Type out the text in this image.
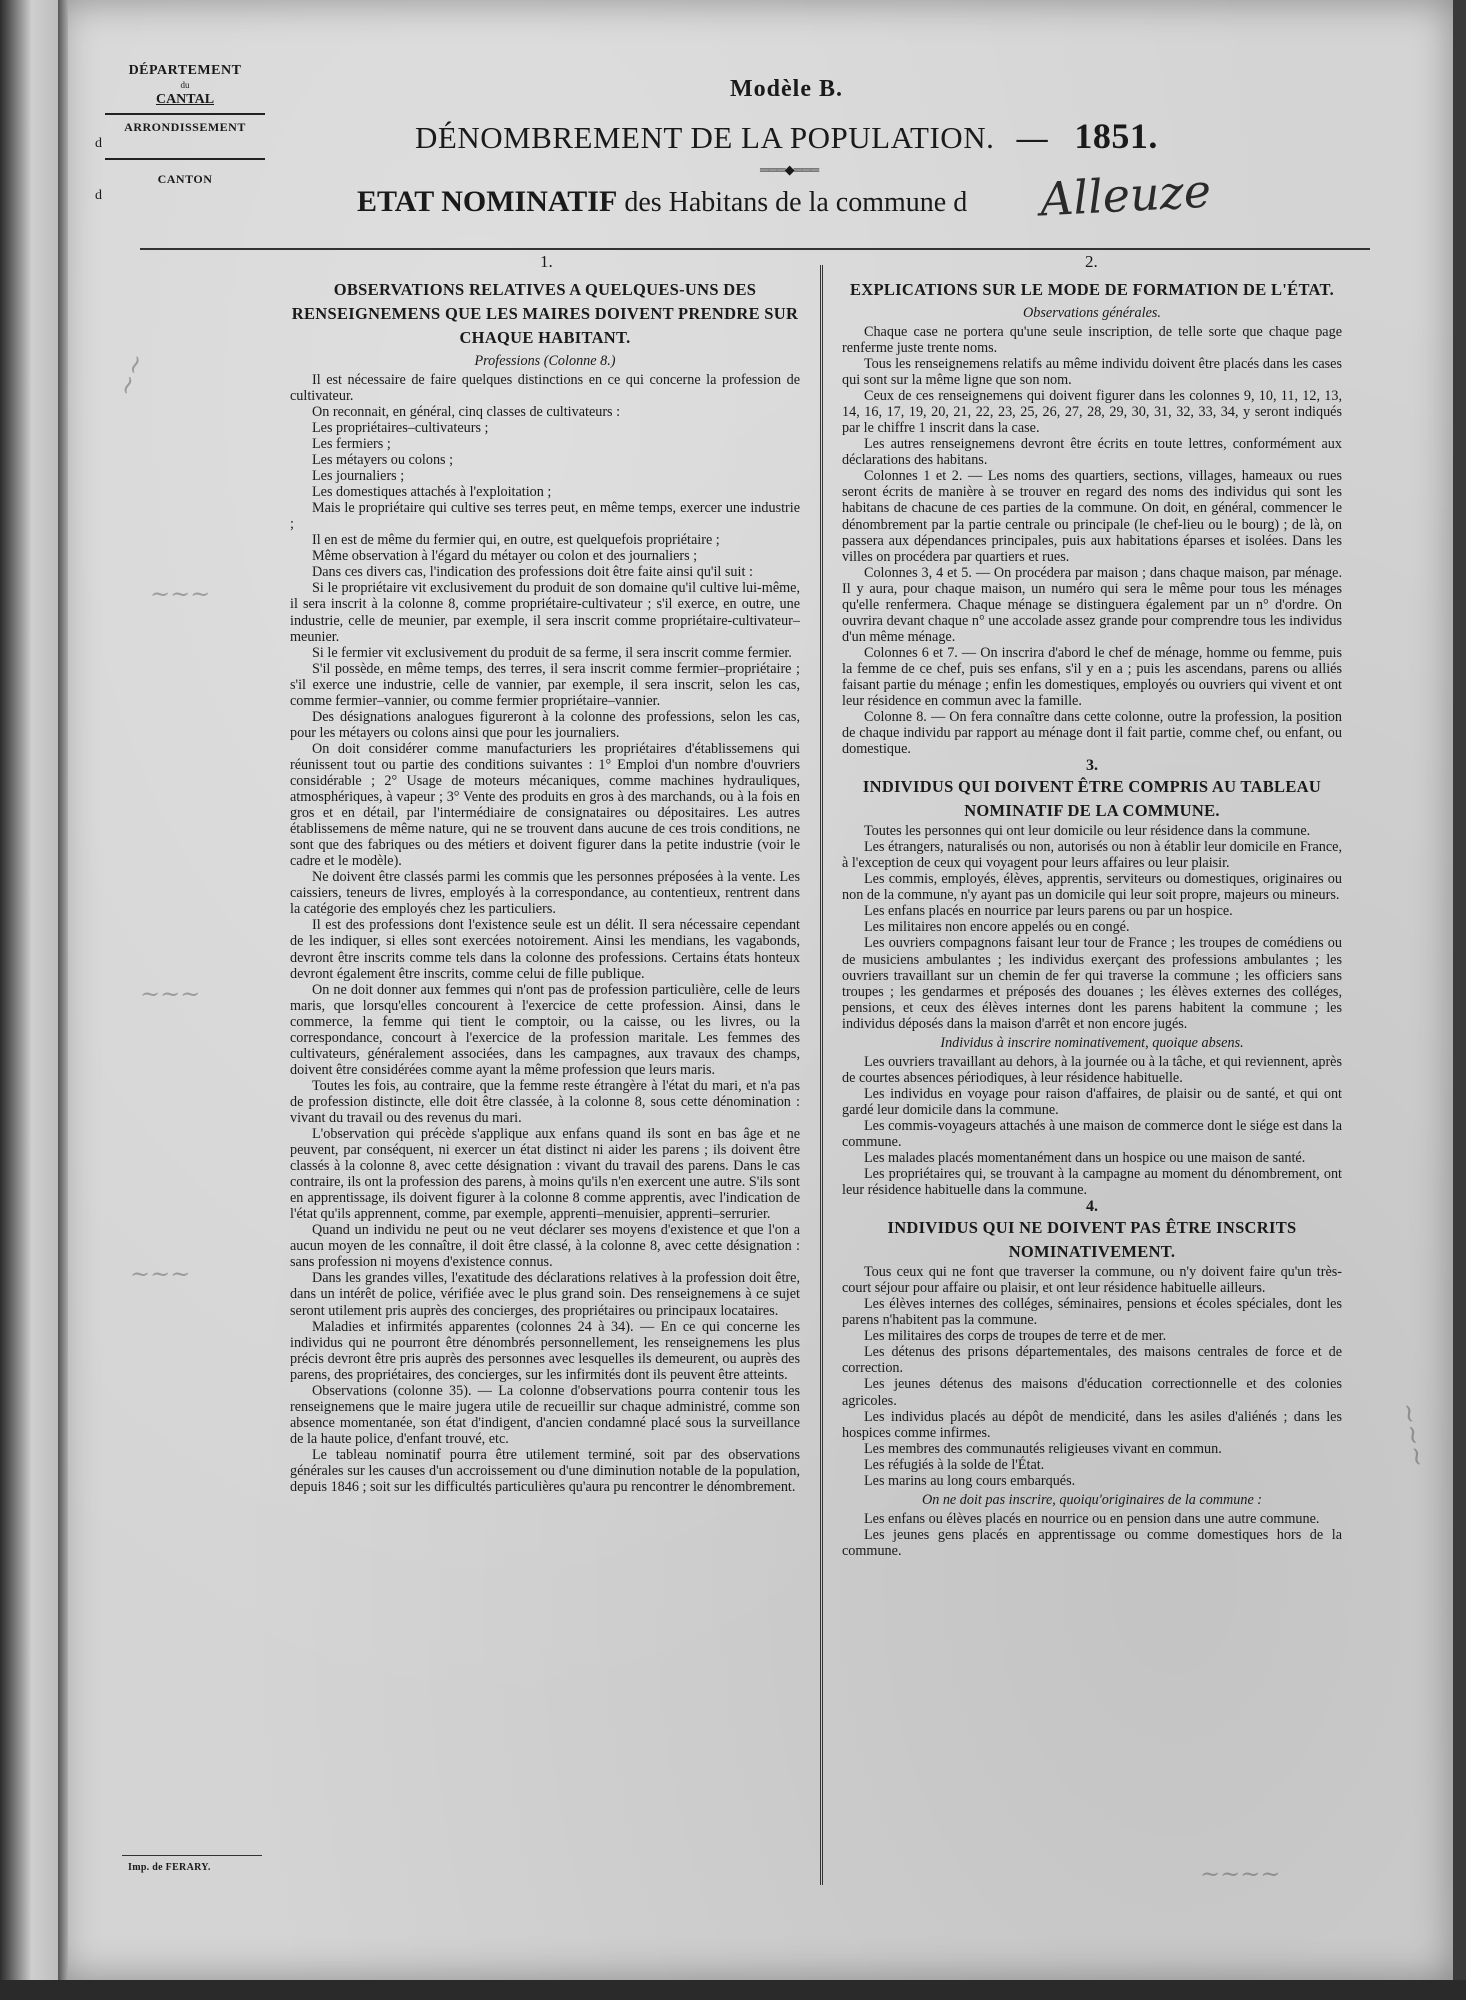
DÉPARTEMENT
du
CANTAL
ARRONDISSEMENT
d
CANTON
d
Modèle B.
DÉNOMBREMENT DE LA POPULATION. — 1851.
═══◆═══
ETAT NOMINATIF des Habitans de la commune d Alleuze
1.	2.
OBSERVATIONS RELATIVES A QUELQUES-UNS DES RENSEIGNEMENS QUE LES MAIRES DOIVENT PRENDRE SUR CHAQUE HABITANT.
Professions (Colonne 8.)

Il est nécessaire de faire quelques distinctions en ce qui concerne la profession de cultivateur.

On reconnait, en général, cinq classes de cultivateurs :

Les propriétaires–cultivateurs ;

Les fermiers ;

Les métayers ou colons ;

Les journaliers ;

Les domestiques attachés à l'exploitation ;

Mais le propriétaire qui cultive ses terres peut, en même temps, exercer une industrie ;

Il en est de même du fermier qui, en outre, est quelquefois propriétaire ;

Même observation à l'égard du métayer ou colon et des journaliers ;

Dans ces divers cas, l'indication des professions doit être faite ainsi qu'il suit :

Si le propriétaire vit exclusivement du produit de son domaine qu'il cultive lui-même, il sera inscrit à la colonne 8, comme propriétaire-cultivateur ; s'il exerce, en outre, une industrie, celle de meunier, par exemple, il sera inscrit comme propriétaire-cultivateur–meunier.

Si le fermier vit exclusivement du produit de sa ferme, il sera inscrit comme fermier.

S'il possède, en même temps, des terres, il sera inscrit comme fermier–propriétaire ; s'il exerce une industrie, celle de vannier, par exemple, il sera inscrit, selon les cas, comme fermier–vannier, ou comme fermier propriétaire–vannier.

Des désignations analogues figureront à la colonne des professions, selon les cas, pour les métayers ou colons ainsi que pour les journaliers.

On doit considérer comme manufacturiers les propriétaires d'établissemens qui réunissent tout ou partie des conditions suivantes : 1° Emploi d'un nombre d'ouvriers considérable ; 2° Usage de moteurs mécaniques, comme machines hydrauliques, atmosphériques, à vapeur ; 3° Vente des produits en gros à des marchands, ou à la fois en gros et en détail, par l'intermédiaire de consignataires ou dépositaires. Les autres établissemens de même nature, qui ne se trouvent dans aucune de ces trois conditions, ne sont que des fabriques ou des métiers et doivent figurer dans la petite industrie (voir le cadre et le modèle).

Ne doivent être classés parmi les commis que les personnes préposées à la vente. Les caissiers, teneurs de livres, employés à la correspondance, au contentieux, rentrent dans la catégorie des employés chez les particuliers.

Il est des professions dont l'existence seule est un délit. Il sera nécessaire cependant de les indiquer, si elles sont exercées notoirement. Ainsi les mendians, les vagabonds, devront être inscrits comme tels dans la colonne des professions. Certains états honteux devront également être inscrits, comme celui de fille publique.

On ne doit donner aux femmes qui n'ont pas de profession particulière, celle de leurs maris, que lorsqu'elles concourent à l'exercice de cette profession. Ainsi, dans le commerce, la femme qui tient le comptoir, ou la caisse, ou les livres, ou la correspondance, concourt à l'exercice de la profession maritale. Les femmes des cultivateurs, généralement associées, dans les campagnes, aux travaux des champs, doivent être considérées comme ayant la même profession que leurs maris.

Toutes les fois, au contraire, que la femme reste étrangère à l'état du mari, et n'a pas de profession distincte, elle doit être classée, à la colonne 8, sous cette dénomination : vivant du travail ou des revenus du mari.

L'observation qui précède s'applique aux enfans quand ils sont en bas âge et ne peuvent, par conséquent, ni exercer un état distinct ni aider les parens ; ils doivent être classés à la colonne 8, avec cette désignation : vivant du travail des parens. Dans le cas contraire, ils ont la profession des parens, à moins qu'ils n'en exercent une autre. S'ils sont en apprentissage, ils doivent figurer à la colonne 8 comme apprentis, avec l'indication de l'état qu'ils apprennent, comme, par exemple, apprenti–menuisier, apprenti–serrurier.

Quand un individu ne peut ou ne veut déclarer ses moyens d'existence et que l'on a aucun moyen de les connaître, il doit être classé, à la colonne 8, avec cette désignation : sans profession ni moyens d'existence connus.

Dans les grandes villes, l'exatitude des déclarations relatives à la profession doit être, dans un intérêt de police, vérifiée avec le plus grand soin. Des renseignemens à ce sujet seront utilement pris auprès des concierges, des propriétaires ou principaux locataires.

Maladies et infirmités apparentes (colonnes 24 à 34). — En ce qui concerne les individus qui ne pourront être dénombrés personnellement, les renseignemens les plus précis devront être pris auprès des personnes avec lesquelles ils demeurent, ou auprès des parens, des propriétaires, des concierges, sur les infirmités dont ils peuvent être atteints.

Observations (colonne 35). — La colonne d'observations pourra contenir tous les renseignemens que le maire jugera utile de recueillir sur chaque administré, comme son absence momentanée, son état d'indigent, d'ancien condamné placé sous la surveillance de la haute police, d'enfant trouvé, etc.

Le tableau nominatif pourra être utilement terminé, soit par des observations générales sur les causes d'un accroissement ou d'une diminution notable de la population, depuis 1846 ; soit sur les difficultés particulières qu'aura pu rencontrer le dénombrement.

EXPLICATIONS SUR LE MODE DE FORMATION DE L'ÉTAT.
Observations générales.

Chaque case ne portera qu'une seule inscription, de telle sorte que chaque page renferme juste trente noms.

Tous les renseignemens relatifs au même individu doivent être placés dans les cases qui sont sur la même ligne que son nom.

Ceux de ces renseignemens qui doivent figurer dans les colonnes 9, 10, 11, 12, 13, 14, 16, 17, 19, 20, 21, 22, 23, 25, 26, 27, 28, 29, 30, 31, 32, 33, 34, y seront indiqués par le chiffre 1 inscrit dans la case.

Les autres renseignemens devront être écrits en toute lettres, conformément aux déclarations des habitans.

Colonnes 1 et 2. — Les noms des quartiers, sections, villages, hameaux ou rues seront écrits de manière à se trouver en regard des noms des individus qui sont les habitans de chacune de ces parties de la commune. On doit, en général, commencer le dénombrement par la partie centrale ou principale (le chef-lieu ou le bourg) ; de là, on passera aux dépendances principales, puis aux habitations éparses et isolées. Dans les villes on procédera par quartiers et rues.

Colonnes 3, 4 et 5. — On procédera par maison ; dans chaque maison, par ménage. Il y aura, pour chaque maison, un numéro qui sera le même pour tous les ménages qu'elle renfermera. Chaque ménage se distinguera également par un n° d'ordre. On ouvrira devant chaque n° une accolade assez grande pour comprendre tous les individus d'un même ménage.

Colonnes 6 et 7. — On inscrira d'abord le chef de ménage, homme ou femme, puis la femme de ce chef, puis ses enfans, s'il y en a ; puis les ascendans, parens ou alliés faisant partie du ménage ; enfin les domestiques, employés ou ouvriers qui vivent et ont leur résidence en commun avec la famille.

Colonne 8. — On fera connaître dans cette colonne, outre la profession, la position de chaque individu par rapport au ménage dont il fait partie, comme chef, ou enfant, ou domestique.

3.
INDIVIDUS QUI DOIVENT ÊTRE COMPRIS AU TABLEAU NOMINATIF DE LA COMMUNE.

Toutes les personnes qui ont leur domicile ou leur résidence dans la commune.

Les étrangers, naturalisés ou non, autorisés ou non à établir leur domicile en France, à l'exception de ceux qui voyagent pour leurs affaires ou leur plaisir.

Les commis, employés, élèves, apprentis, serviteurs ou domestiques, originaires ou non de la commune, n'y ayant pas un domicile qui leur soit propre, majeurs ou mineurs.

Les enfans placés en nourrice par leurs parens ou par un hospice.

Les militaires non encore appelés ou en congé.

Les ouvriers compagnons faisant leur tour de France ; les troupes de comédiens ou de musiciens ambulantes ; les individus exerçant des professions ambulantes ; les ouvriers travaillant sur un chemin de fer qui traverse la commune ; les officiers sans troupes ; les gendarmes et préposés des douanes ; les élèves externes des colléges, pensions, et ceux des élèves internes dont les parens habitent la commune ; les individus déposés dans la maison d'arrêt et non encore jugés.

Individus à inscrire nominativement, quoique absens.

Les ouvriers travaillant au dehors, à la journée ou à la tâche, et qui reviennent, après de courtes absences périodiques, à leur résidence habituelle.

Les individus en voyage pour raison d'affaires, de plaisir ou de santé, et qui ont gardé leur domicile dans la commune.

Les commis-voyageurs attachés à une maison de commerce dont le siége est dans la commune.

Les malades placés momentanément dans un hospice ou une maison de santé.

Les propriétaires qui, se trouvant à la campagne au moment du dénombrement, ont leur résidence habituelle dans la commune.

4.
INDIVIDUS QUI NE DOIVENT PAS ÊTRE INSCRITS NOMINATIVEMENT.

Tous ceux qui ne font que traverser la commune, ou n'y doivent faire qu'un très-court séjour pour affaire ou plaisir, et ont leur résidence habituelle ailleurs.

Les élèves internes des colléges, séminaires, pensions et écoles spéciales, dont les parens n'habitent pas la commune.

Les militaires des corps de troupes de terre et de mer.

Les détenus des prisons départementales, des maisons centrales de force et de correction.

Les jeunes détenus des maisons d'éducation correctionnelle et des colonies agricoles.

Les individus placés au dépôt de mendicité, dans les asiles d'aliénés ; dans les hospices comme infirmes.

Les membres des communautés religieuses vivant en commun.

Les réfugiés à la solde de l'État.

Les marins au long cours embarqués.

On ne doit pas inscrire, quoiqu'originaires de la commune :

Les enfans ou élèves placés en nourrice ou en pension dans une autre commune.

Les jeunes gens placés en apprentissage ou comme domestiques hors de la commune.

Imp. de FERARY.
~~
~~~
~~~
~~~
~~~
~~~~
